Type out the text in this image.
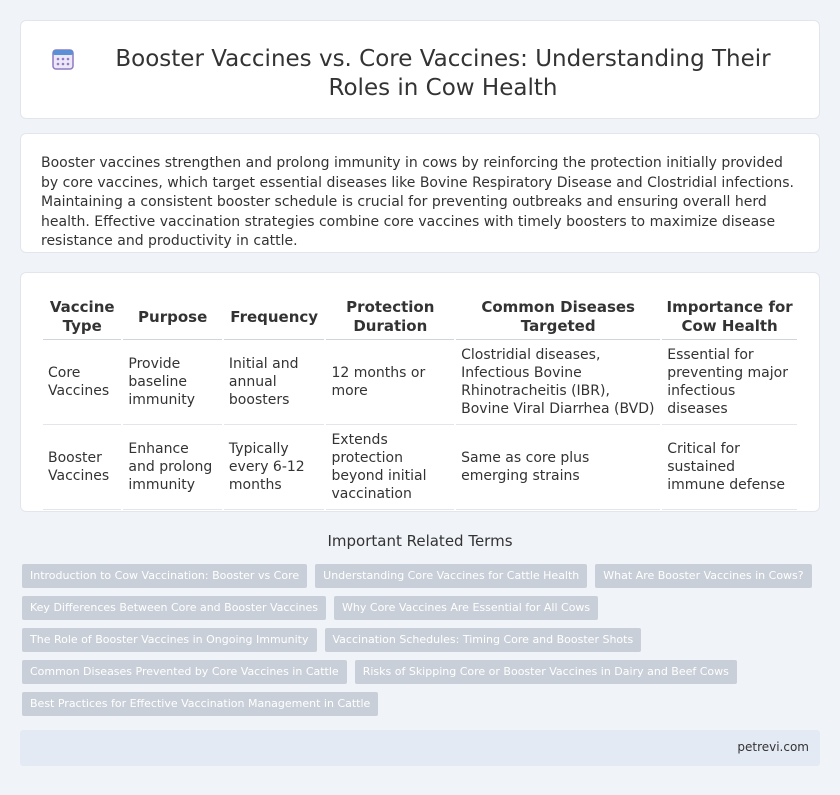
Booster Vaccines vs. Core Vaccines: Understanding Their Roles in Cow Health

Booster vaccines strengthen and prolong immunity in cows by reinforcing the protection initially provided by core vaccines, which target essential diseases like Bovine Respiratory Disease and Clostridial infections. Maintaining a consistent booster schedule is crucial for preventing outbreaks and ensuring overall herd health. Effective vaccination strategies combine core vaccines with timely boosters to maximize disease resistance and productivity in cattle.

Vaccine Type	Purpose	Frequency	Protection Duration	Common Diseases Targeted	Importance for Cow Health
Core Vaccines	Provide baseline immunity	Initial and annual boosters	12 months or more	Clostridial diseases, Infectious Bovine Rhinotracheitis (IBR), Bovine Viral Diarrhea (BVD)	Essential for preventing major infectious diseases
Booster Vaccines	Enhance and prolong immunity	Typically every 6-12 months	Extends protection beyond initial vaccination	Same as core plus emerging strains	Critical for sustained immune defense
Important Related Terms
Introduction to Cow Vaccination: Booster vs Core	Understanding Core Vaccines for Cattle Health	What Are Booster Vaccines in Cows?
Key Differences Between Core and Booster Vaccines	Why Core Vaccines Are Essential for All Cows
The Role of Booster Vaccines in Ongoing Immunity	Vaccination Schedules: Timing Core and Booster Shots
Common Diseases Prevented by Core Vaccines in Cattle	Risks of Skipping Core or Booster Vaccines in Dairy and Beef Cows
Best Practices for Effective Vaccination Management in Cattle
petrevi.com
